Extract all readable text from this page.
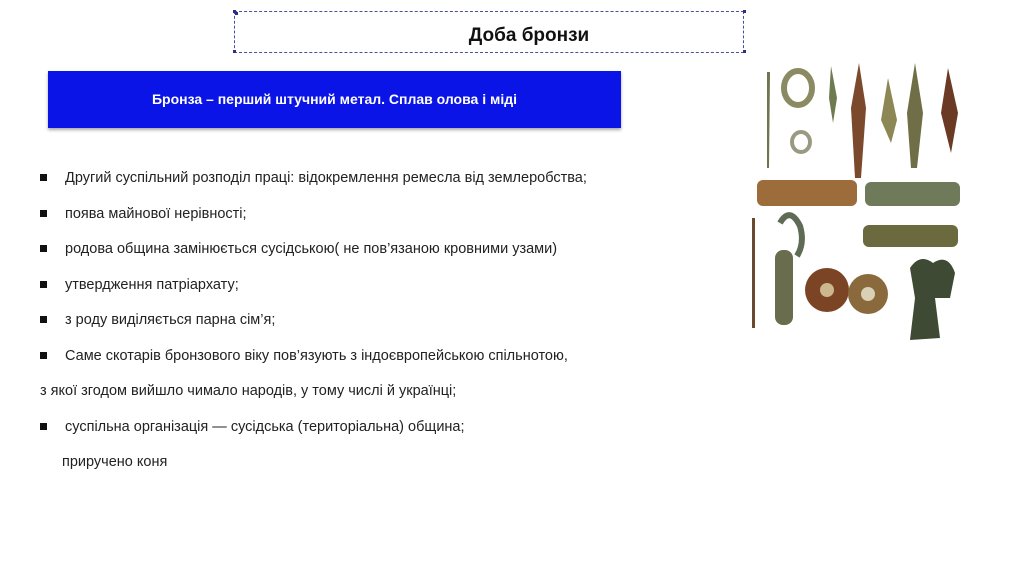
Доба бронзи
Бронза – перший штучний метал. Сплав олова і міді
Другий суспільний розподіл праці: відокремлення ремесла від землеробства;
поява майнової нерівності;
родова община замінюється сусідською( не пов’язаною кровними узами)
утвердження патріархату;
з роду виділяється парна сім’я;
Саме скотарів бронзового віку пов’язують з індоєвропейською спільнотою,
з якої згодом вийшло чимало народів, у тому числі й українці;
суспільна організація — сусідська (територіальна) община;
приручено коня
